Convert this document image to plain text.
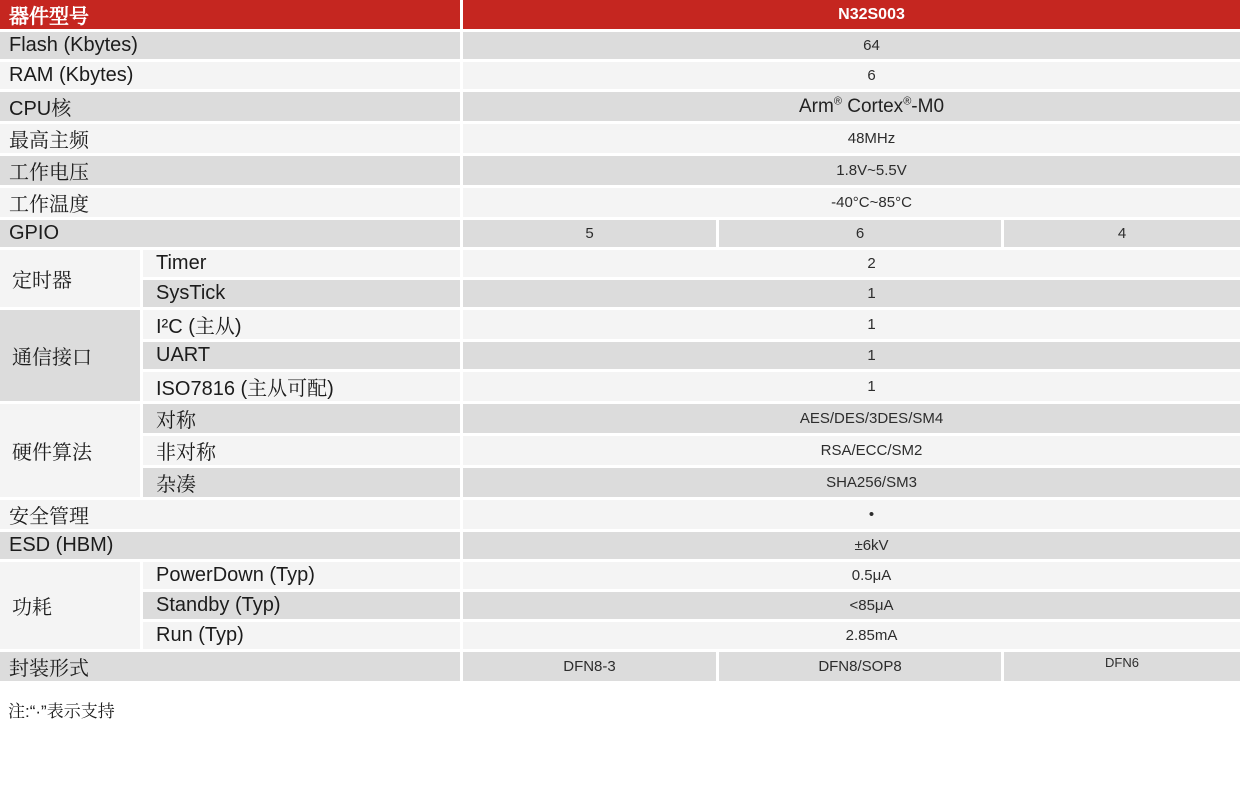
器件型号		N32S003		
Flash (Kbytes)		64		
RAM (Kbytes)		6		
CPU核		Arm® Cortex®-M0		
最高主频		48MHz		
工作电压		1.8V~5.5V		
工作温度		-40°C~85°C		
GPIO		5	6	4
定时器	Timer	2		
	SysTick	1		
通信接口	I²C (主从)	1		
	UART	1		
	ISO7816 (主从可配)	1		
硬件算法	对称	AES/DES/3DES/SM4		
	非对称	RSA/ECC/SM2		
	杂凑	SHA256/SM3		
安全管理		•		
ESD (HBM)		±6kV		
功耗	PowerDown (Typ)	0.5μA		
	Standby (Typ)	<85μA		
	Run (Typ)	2.85mA		
封装形式		DFN8-3	DFN8/SOP8	DFN6
注:“·”表示支持
